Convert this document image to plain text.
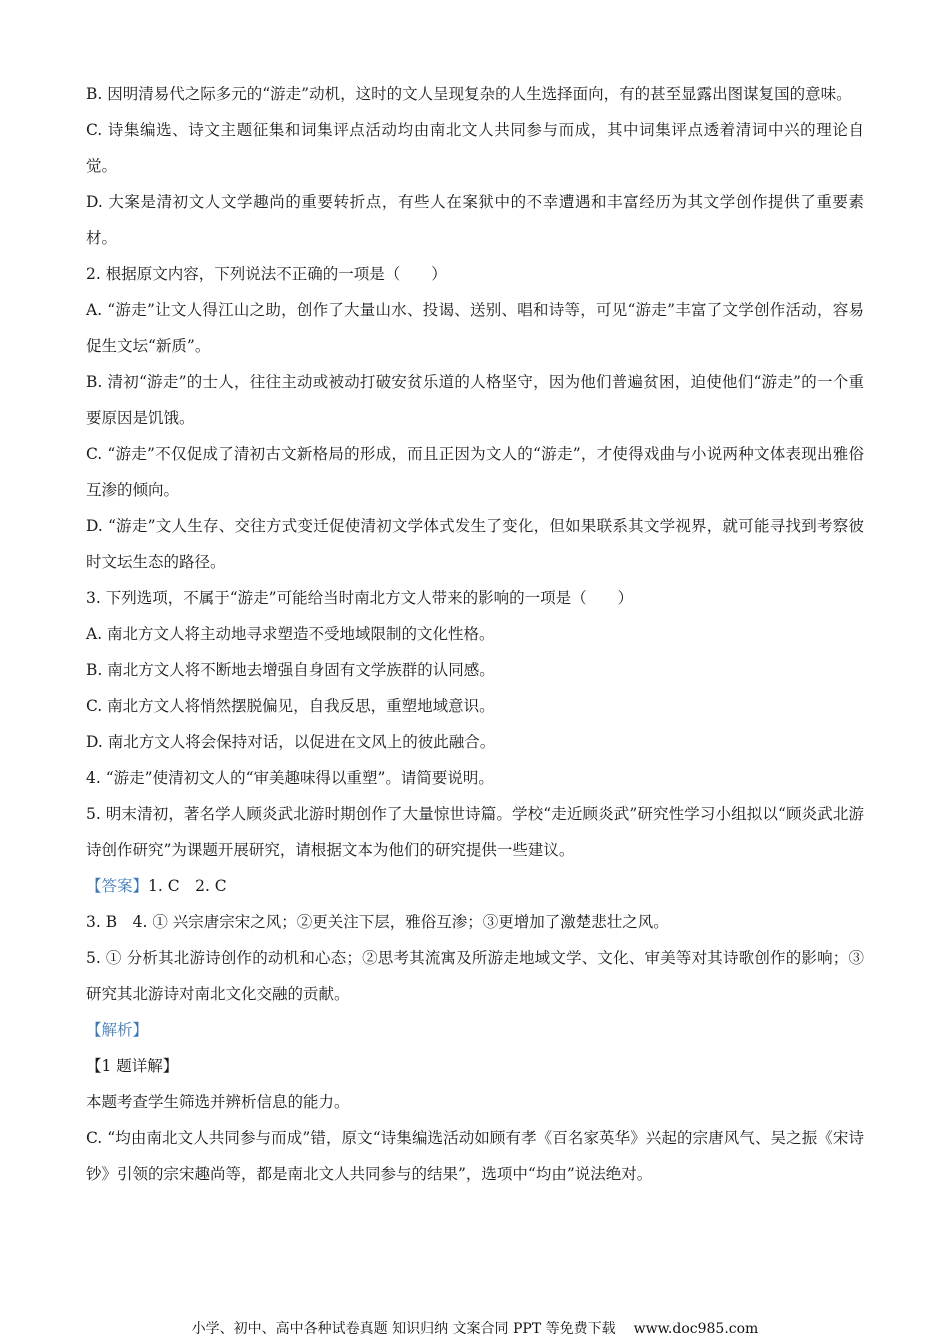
B. 因明清易代之际多元的“游走”动机，这时的文人呈现复杂的人生选择面向，有的甚至显露出图谋复国的意味。

C. 诗集编选、诗文主题征集和词集评点活动均由南北文人共同参与而成，其中词集评点透着清词中兴的理论自觉。

D. 大案是清初文人文学趣尚的重要转折点，有些人在案狱中的不幸遭遇和丰富经历为其文学创作提供了重要素材。

2. 根据原文内容，下列说法不正确的一项是（　　）

A. “游走”让文人得江山之助，创作了大量山水、投谒、送别、唱和诗等，可见“游走”丰富了文学创作活动，容易促生文坛“新质”。

B. 清初“游走”的士人，往往主动或被动打破安贫乐道的人格坚守，因为他们普遍贫困，迫使他们“游走”的一个重要原因是饥饿。

C. “游走”不仅促成了清初古文新格局的形成，而且正因为文人的“游走”，才使得戏曲与小说两种文体表现出雅俗互渗的倾向。

D. “游走”文人生存、交往方式变迁促使清初文学体式发生了变化，但如果联系其文学视界，就可能寻找到考察彼时文坛生态的路径。

3. 下列选项，不属于“游走”可能给当时南北方文人带来的影响的一项是（　　）

A. 南北方文人将主动地寻求塑造不受地域限制的文化性格。

B. 南北方文人将不断地去增强自身固有文学族群的认同感。

C. 南北方文人将悄然摆脱偏见，自我反思，重塑地域意识。

D. 南北方文人将会保持对话，以促进在文风上的彼此融合。

4. “游走”使清初文人的“审美趣味得以重塑”。请简要说明。

5. 明末清初，著名学人顾炎武北游时期创作了大量惊世诗篇。学校“走近顾炎武”研究性学习小组拟以“顾炎武北游诗创作研究”为课题开展研究，请根据文本为他们的研究提供一些建议。

【答案】1. C　2. C

3. B　4. ① 兴宗唐宗宋之风；②更关注下层，雅俗互渗；③更增加了激楚悲壮之风。

5. ① 分析其北游诗创作的动机和心态；②思考其流寓及所游走地域文学、文化、审美等对其诗歌创作的影响；③研究其北游诗对南北文化交融的贡献。

【解析】

【1 题详解】

本题考查学生筛选并辨析信息的能力。

C. “均由南北文人共同参与而成”错，原文“诗集编选活动如顾有孝《百名家英华》兴起的宗唐风气、吴之振《宋诗钞》引领的宗宋趣尚等，都是南北文人共同参与的结果”，选项中“均由”说法绝对。

小学、初中、高中各种试卷真题 知识归纳 文案合同 PPT 等免费下载 www.doc985.com
